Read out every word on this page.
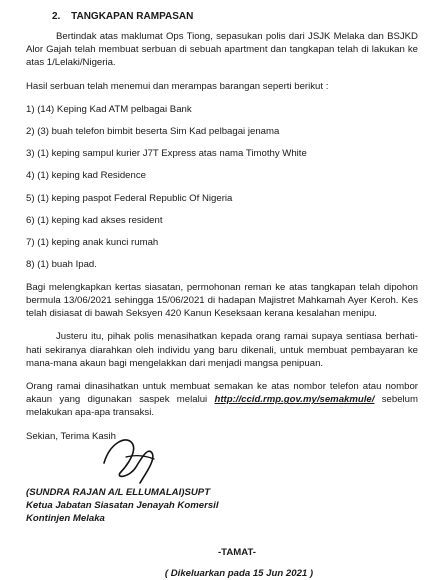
2. TANGKAPAN RAMPASAN

Bertindak atas maklumat Ops Tiong, sepasukan polis dari JSJK Melaka dan BSJKD Alor Gajah telah membuat serbuan di sebuah apartment dan tangkapan telah di lakukan ke atas 1/Lelaki/Nigeria.

Hasil serbuan telah menemui dan merampas barangan seperti berikut :

1) (14) Keping Kad ATM pelbagai Bank
2) (3) buah telefon bimbit beserta Sim Kad pelbagai jenama
3) (1) keping sampul kurier J7T Express atas nama Timothy White
4) (1) keping kad Residence
5) (1) keping paspot Federal Republic Of Nigeria
6) (1) keping kad akses resident
7) (1) keping anak kunci rumah
8) (1) buah Ipad.

Bagi melengkapkan kertas siasatan, permohonan reman ke atas tangkapan telah dipohon bermula 13/06/2021 sehingga 15/06/2021 di hadapan Majistret Mahkamah Ayer Keroh. Kes telah disiasat di bawah Seksyen 420 Kanun Keseksaan kerana kesalahan menipu.

Justeru itu, pihak polis menasihatkan kepada orang ramai supaya sentiasa berhati-hati sekiranya diarahkan oleh individu yang baru dikenali, untuk membuat pembayaran ke mana-mana akaun bagi mengelakkan dari menjadi mangsa penipuan.

Orang ramai dinasihatkan untuk membuat semakan ke atas nombor telefon atau nombor akaun yang digunakan saspek melalui http://ccid.rmp.gov.my/semakmule/ sebelum melakukan apa-apa transaksi.

Sekian, Terima Kasih

(SUNDRA RAJAN A/L ELLUMALAI)SUPT

Ketua Jabatan Siasatan Jenayah Komersil

Kontinjen Melaka

-TAMAT-
( Dikeluarkan pada 15 Jun 2021 )
